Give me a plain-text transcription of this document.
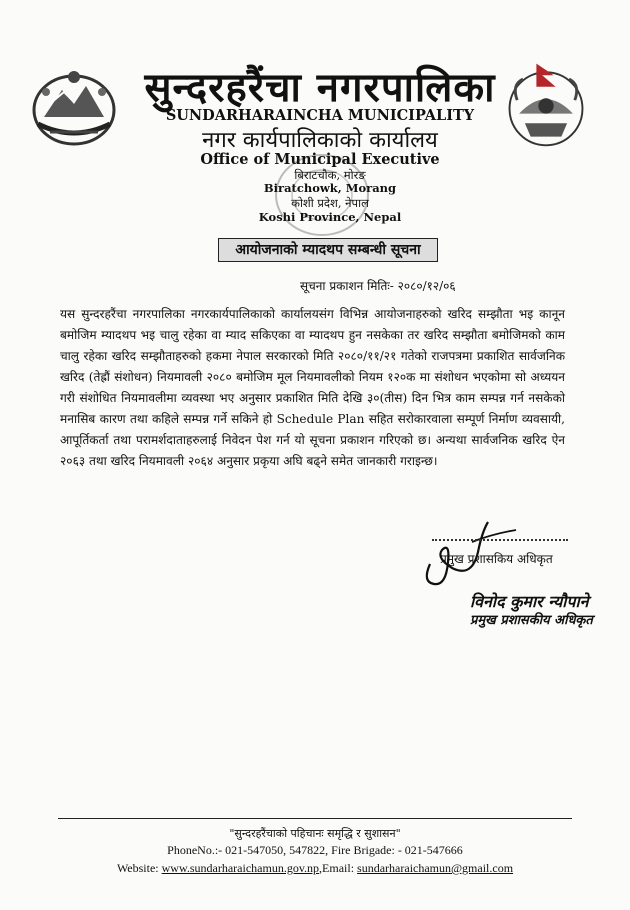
सुन्दरहरैंचा नगरपालिका
SUNDARHARAINCHA MUNICIPALITY
नगर कार्यपालिकाको कार्यालय
Office of Municipal Executive
बिराटचौक, मोरङ
Biratchowk, Morang
कोशी प्रदेश, नेपाल
Koshi Province, Nepal
आयोजनाको म्यादथप सम्बन्धी सूचना
सूचना प्रकाशन मितिः- २०८०/१२/०६
यस सुन्दरहरैंचा नगरपालिका नगरकार्यपालिकाको कार्यालयसंग विभिन्न आयोजनाहरुको खरिद सम्झौता भइ कानून बमोजिम म्यादथप भइ चालु रहेका वा म्याद सकिएका वा म्यादथप हुन नसकेका तर खरिद सम्झौता बमोजिमको काम चालु रहेका खरिद सम्झौताहरुको हकमा नेपाल सरकारको मिति २०८०/११/२१ गतेको राजपत्रमा प्रकाशित सार्वजनिक खरिद (तेह्रौं संशोधन) नियमावली २०८० बमोजिम मूल नियमावलीको नियम १२०क मा संशोधन भएकोमा सो अध्ययन गरी संशोधित नियमावलीमा व्यवस्था भए अनुसार प्रकाशित मिति देखि ३०(तीस) दिन भित्र काम सम्पन्न गर्न नसकेको मनासिब कारण तथा कहिले सम्पन्न गर्ने सकिने हो Schedule Plan सहित सरोकारवाला सम्पूर्ण निर्माण व्यवसायी, आपूर्तिकर्ता तथा परामर्शदाताहरुलाई निवेदन पेश गर्न यो सूचना प्रकाशन गरिएको छ। अन्यथा सार्वजनिक खरिद ऐन २०६३ तथा खरिद नियमावली २०६४ अनुसार प्रकृया अघि बढ्ने समेत जानकारी गराइन्छ।
प्रमुख प्रशासकिय अधिकृत
विनोद कुमार न्यौपाने
प्रमुख प्रशासकीय अधिकृत
"सुन्दरहरैंचाको पहिचानः समृद्धि र सुशासन"
PhoneNo.:- 021-547050, 547822, Fire Brigade: - 021-547666
Website: www.sundarharaichamun.gov.np,Email: sundarharaichamun@gmail.com
